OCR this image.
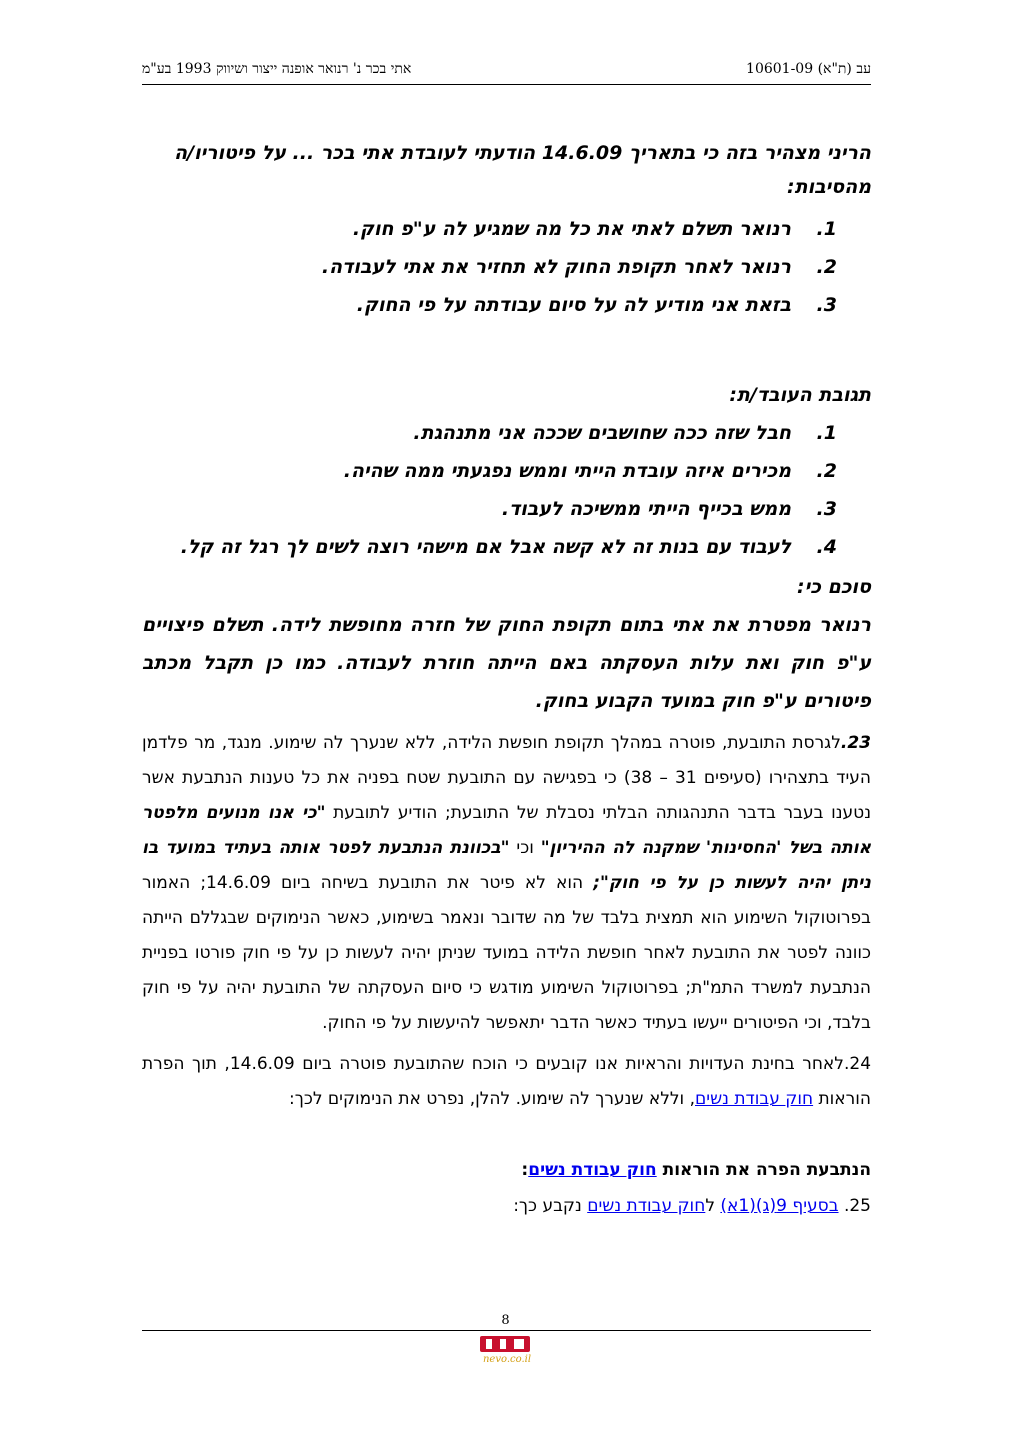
עב (ת"א) 10601-09
אתי בכר נ' רנואר אופנה ייצור ושיווק 1993 בע"מ

הריני מצהיר בזה כי בתאריך 14.6.09 הודעתי לעובדת אתי בכר ... על פיטוריו/ה מהסיבות:

1.
רנואר תשלם לאתי את כל מה שמגיע לה ע"פ חוק.
2.
רנואר לאחר תקופת החוק לא תחזיר את אתי לעבודה.
3.
בזאת אני מודיע לה על סיום עבודתה על פי החוק.

תגובת העובד/ת:

1.
חבל שזה ככה שחושבים שככה אני מתנהגת.
2.
מכירים איזה עובדת הייתי וממש נפגעתי ממה שהיה.
3.
ממש בכייף הייתי ממשיכה לעבוד.
4.
לעבוד עם בנות זה לא קשה אבל אם מישהי רוצה לשים לך רגל זה קל.

סוכם כי:

רנואר מפטרת את אתי בתום תקופת החוק של חזרה מחופשת לידה. תשלם פיצויים ע"פ חוק ואת עלות העסקתה באם הייתה חוזרת לעבודה. כמו כן תקבל מכתב פיטורים ע"פ חוק במועד הקבוע בחוק.

23.לגרסת התובעת, פוטרה במהלך תקופת חופשת הלידה, ללא שנערך לה שימוע. מנגד, מר פלדמן העיד בתצהירו (סעיפים 31 – 38) כי בפגישה עם התובעת שטח בפניה את כל טענות הנתבעת אשר נטענו בעבר בדבר התנהגותה הבלתי נסבלת של התובעת; הודיע לתובעת "כי אנו מנועים מלפטר אותה בשל 'החסינות' שמקנה לה ההיריון" וכי "בכוונת הנתבעת לפטר אותה בעתיד במועד בו ניתן יהיה לעשות כן על פי חוק"; הוא לא פיטר את התובעת בשיחה ביום 14.6.09; האמור בפרוטוקול השימוע הוא תמצית בלבד של מה שדובר ונאמר בשימוע, כאשר הנימוקים שבגללם הייתה כוונה לפטר את התובעת לאחר חופשת הלידה במועד שניתן יהיה לעשות כן על פי חוק פורטו בפניית הנתבעת למשרד התמ"ת; בפרוטוקול השימוע מודגש כי סיום העסקתה של התובעת יהיה על פי חוק בלבד, וכי הפיטורים ייעשו בעתיד כאשר הדבר יתאפשר להיעשות על פי החוק.

24.לאחר בחינת העדויות והראיות אנו קובעים כי הוכח שהתובעת פוטרה ביום 14.6.09, תוך הפרת הוראות חוק עבודת נשים, וללא שנערך לה שימוע. להלן, נפרט את הנימוקים לכך:

הנתבעת הפרה את הוראות חוק עבודת נשים:

25. בסעיף 9(ג)(1א) לחוק עבודת נשים נקבע כך:

8
nevo.co.il
